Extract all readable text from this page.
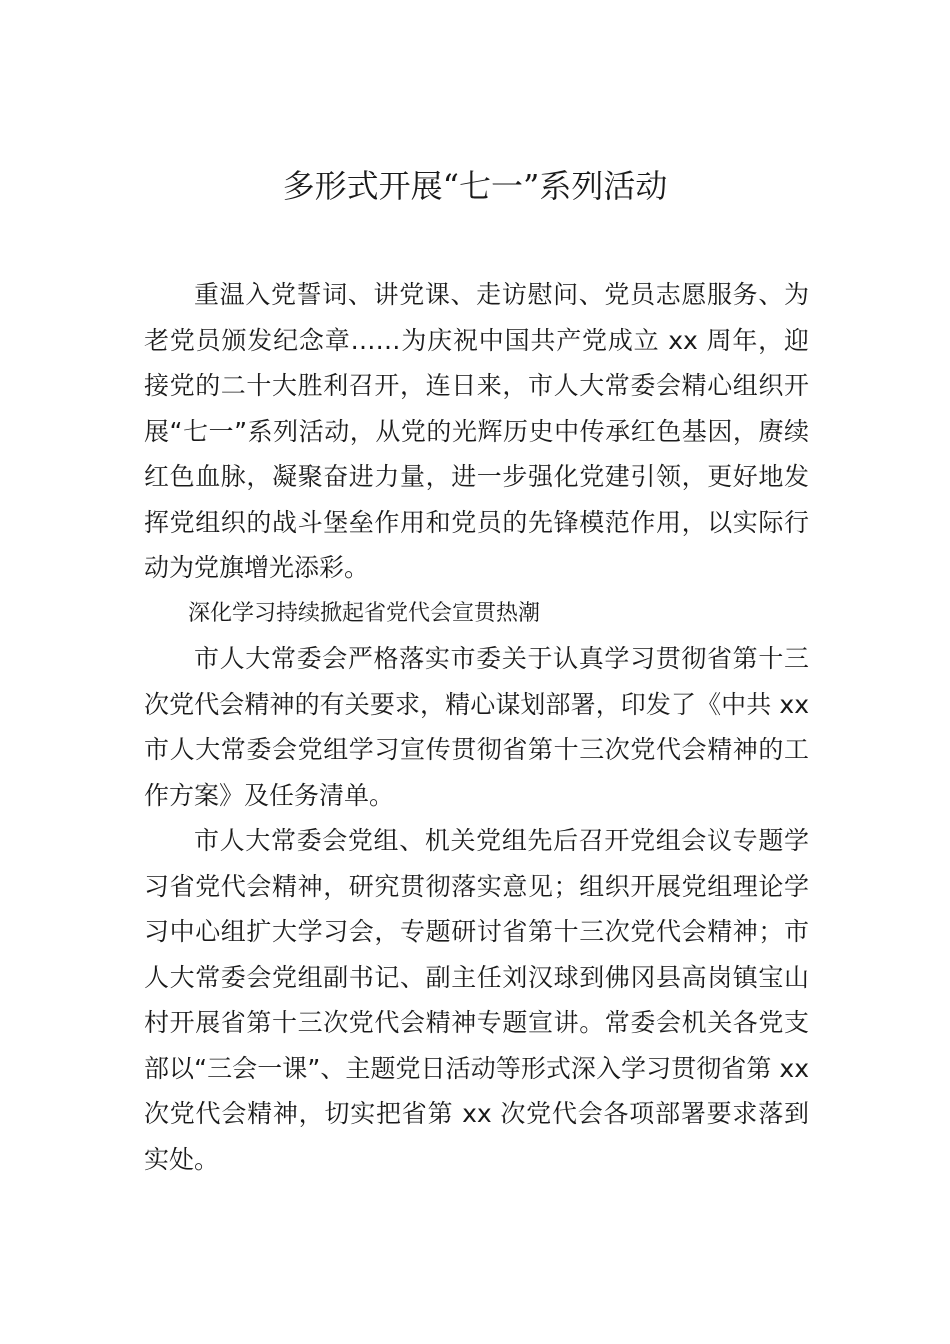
多形式开展“七一”系列活动

重温入党誓词、讲党课、走访慰问、党员志愿服务、为老党员颁发纪念章……为庆祝中国共产党成立 xx 周年，迎接党的二十大胜利召开，连日来，市人大常委会精心组织开展“七一”系列活动，从党的光辉历史中传承红色基因，赓续红色血脉，凝聚奋进力量，进一步强化党建引领，更好地发挥党组织的战斗堡垒作用和党员的先锋模范作用，以实际行动为党旗增光添彩。

深化学习持续掀起省党代会宣贯热潮

市人大常委会严格落实市委关于认真学习贯彻省第十三次党代会精神的有关要求，精心谋划部署，印发了《中共 xx 市人大常委会党组学习宣传贯彻省第十三次党代会精神的工作方案》及任务清单。

市人大常委会党组、机关党组先后召开党组会议专题学习省党代会精神，研究贯彻落实意见；组织开展党组理论学习中心组扩大学习会，专题研讨省第十三次党代会精神；市人大常委会党组副书记、副主任刘汉球到佛冈县高岗镇宝山村开展省第十三次党代会精神专题宣讲。常委会机关各党支部以“三会一课”、主题党日活动等形式深入学习贯彻省第 xx 次党代会精神，切实把省第 xx 次党代会各项部署要求落到实处。
